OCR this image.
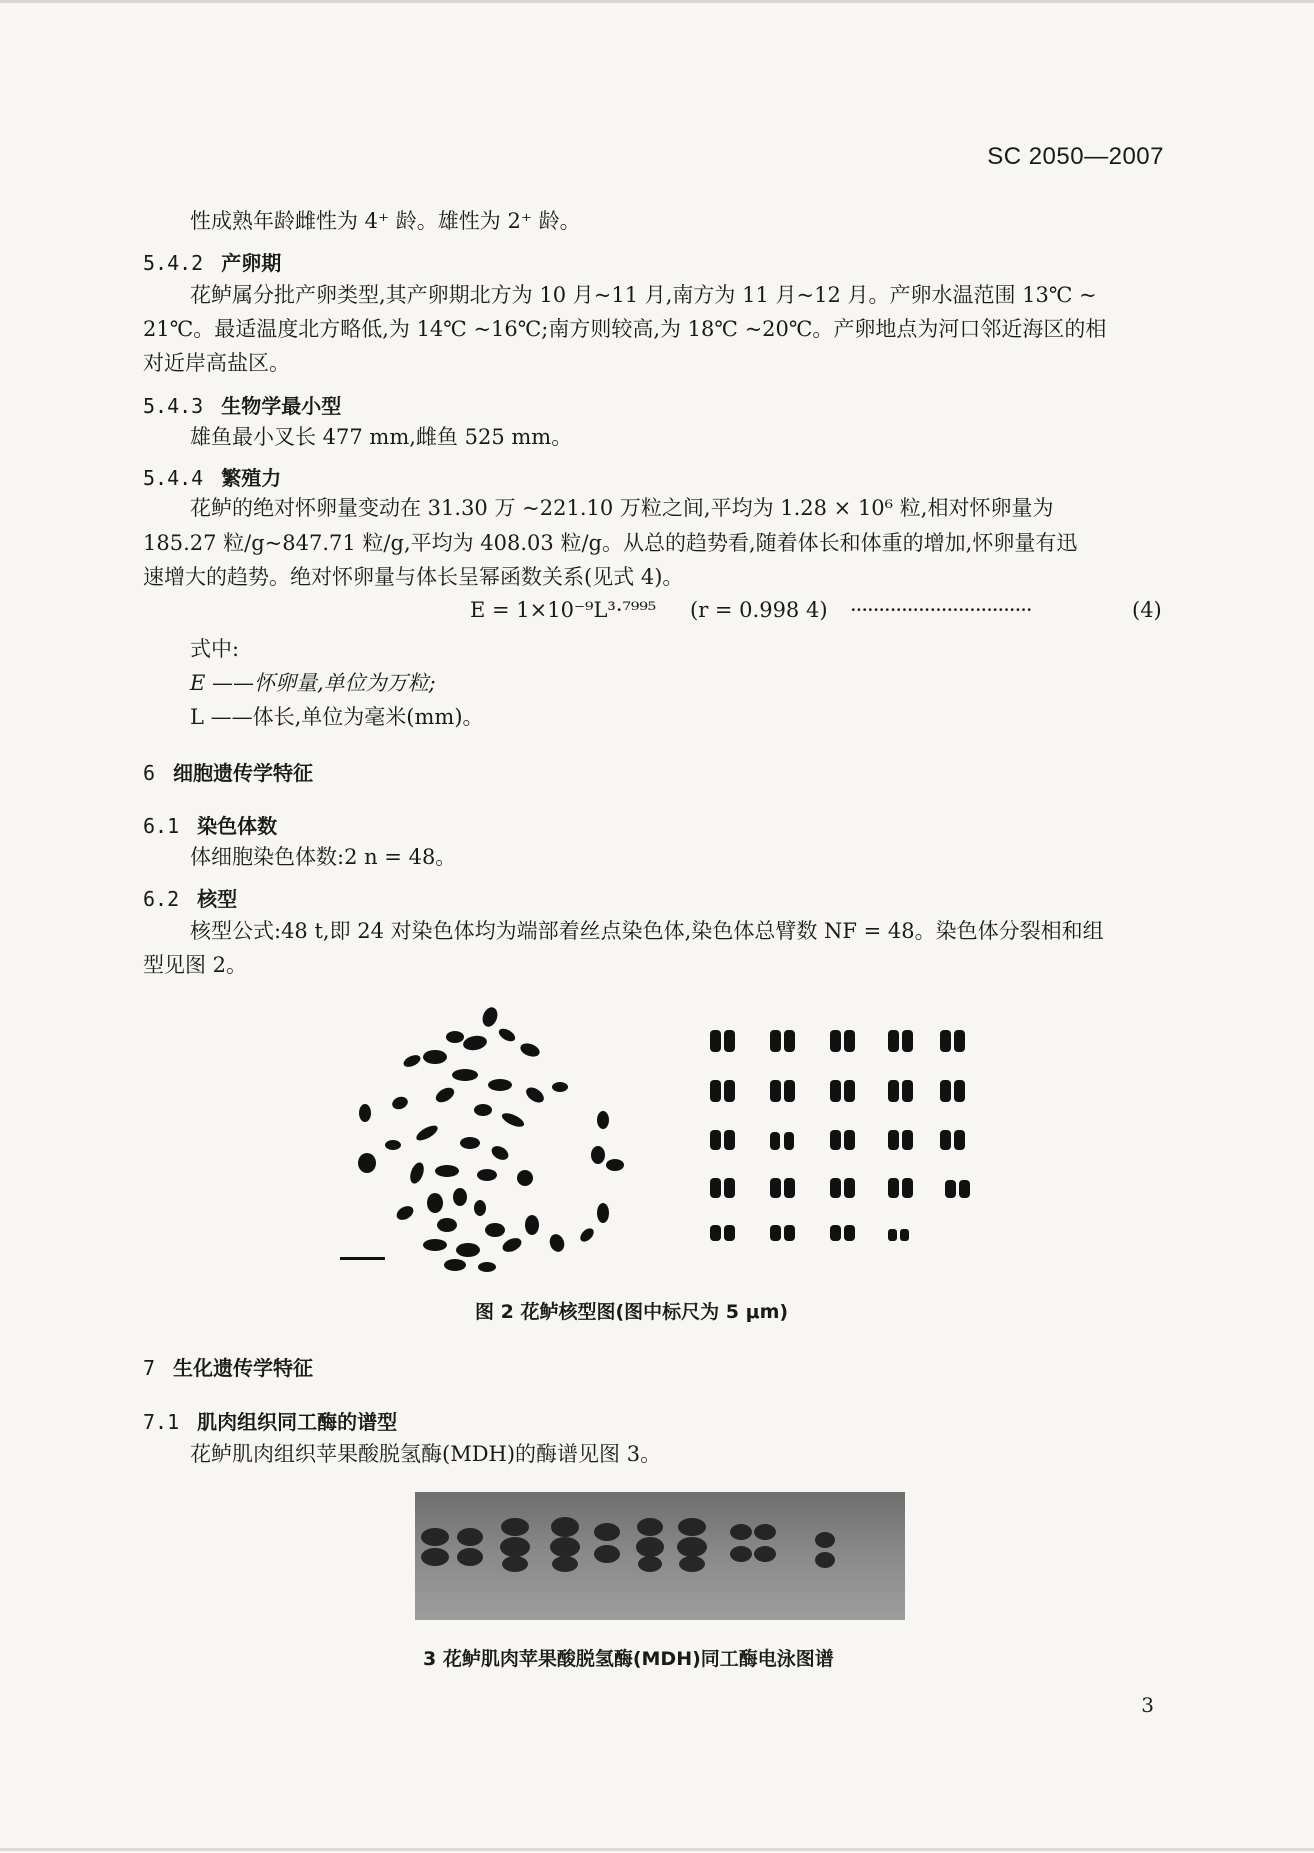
SC 2050—2007
性成熟年龄雌性为 4⁺ 龄。雄性为 2⁺ 龄。
5.4.2 产卵期
花鲈属分批产卵类型,其产卵期北方为 10 月~11 月,南方为 11 月~12 月。产卵水温范围 13℃ ~
21℃。最适温度北方略低,为 14℃ ~16℃;南方则较高,为 18℃ ~20℃。产卵地点为河口邻近海区的相
对近岸高盐区。
5.4.3 生物学最小型
雄鱼最小叉长 477 mm,雌鱼 525 mm。
5.4.4 繁殖力
花鲈的绝对怀卵量变动在 31.30 万 ~221.10 万粒之间,平均为 1.28 × 10⁶ 粒,相对怀卵量为
185.27 粒/g~847.71 粒/g,平均为 408.03 粒/g。从总的趋势看,随着体长和体重的增加,怀卵量有迅
速增大的趋势。绝对怀卵量与体长呈幂函数关系(见式 4)。
E = 1×10⁻⁹L³·⁷⁹⁹⁵ (r = 0.998 4) ································	(4)
式中:
E ——怀卵量,单位为万粒;
L ——体长,单位为毫米(mm)。
6 细胞遗传学特征
6.1 染色体数
体细胞染色体数:2 n = 48。
6.2 核型
核型公式:48 t,即 24 对染色体均为端部着丝点染色体,染色体总臂数 NF = 48。染色体分裂相和组
型见图 2。
图 2 花鲈核型图(图中标尺为 5 μm)
7 生化遗传学特征
7.1 肌肉组织同工酶的谱型
花鲈肌肉组织苹果酸脱氢酶(MDH)的酶谱见图 3。
3 花鲈肌肉苹果酸脱氢酶(MDH)同工酶电泳图谱
3
